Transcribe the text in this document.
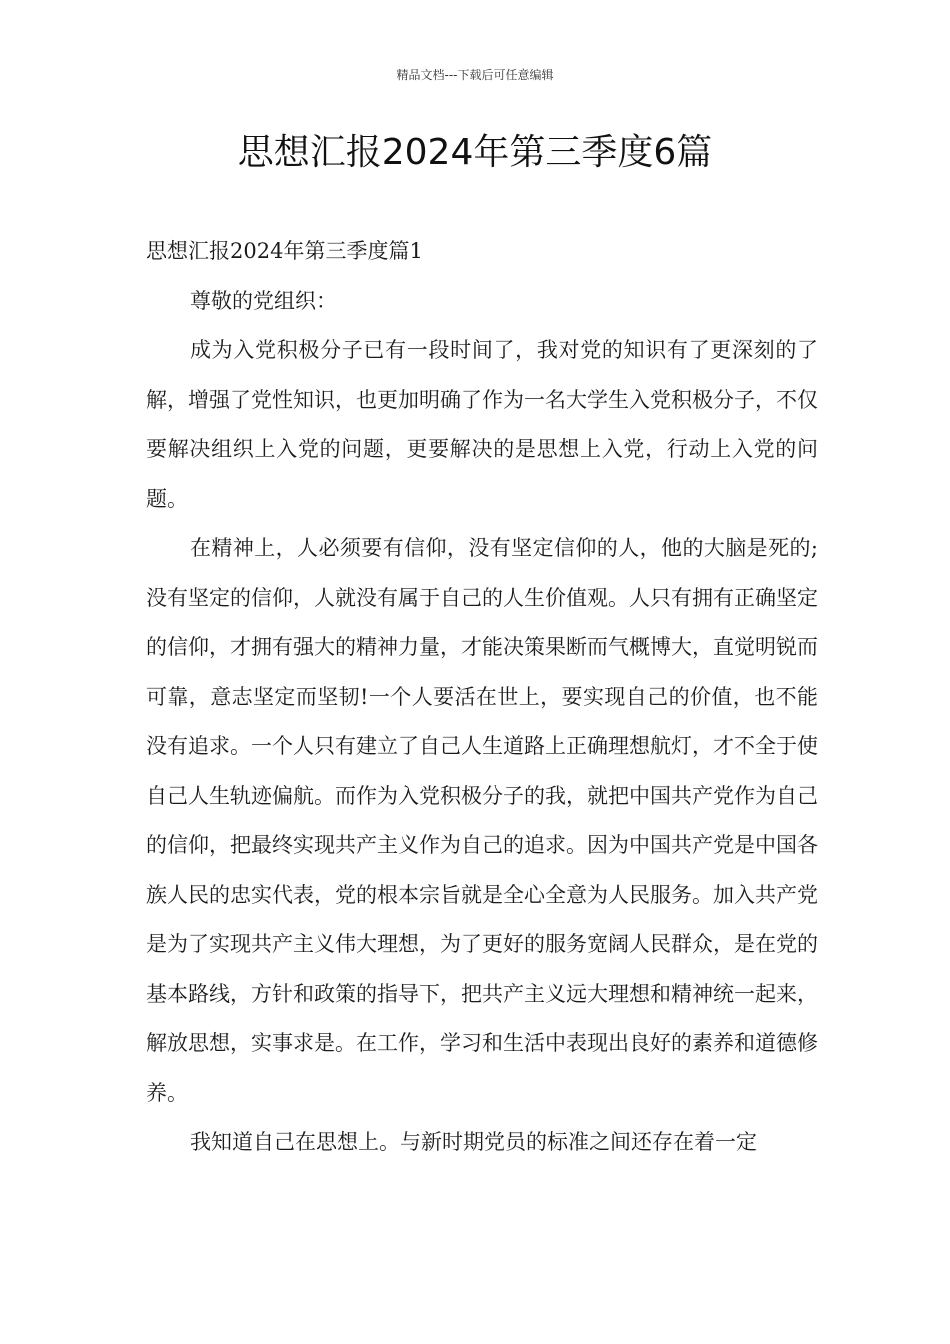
精品文档---下载后可任意编辑
思想汇报2024年第三季度6篇

思想汇报2024年第三季度篇1

尊敬的党组织：

成为入党积极分子已有一段时间了，我对党的知识有了更深刻的了解，增强了党性知识，也更加明确了作为一名大学生入党积极分子，不仅要解决组织上入党的问题，更要解决的是思想上入党，行动上入党的问题。

在精神上，人必须要有信仰，没有坚定信仰的人，他的大脑是死的;没有坚定的信仰，人就没有属于自己的人生价值观。人只有拥有正确坚定的信仰，才拥有强大的精神力量，才能决策果断而气概博大，直觉明锐而可靠，意志坚定而坚韧!一个人要活在世上，要实现自己的价值，也不能没有追求。一个人只有建立了自己人生道路上正确理想航灯，才不全于使自己人生轨迹偏航。而作为入党积极分子的我，就把中国共产党作为自己的信仰，把最终实现共产主义作为自己的追求。因为中国共产党是中国各族人民的忠实代表，党的根本宗旨就是全心全意为人民服务。加入共产党是为了实现共产主义伟大理想，为了更好的服务宽阔人民群众，是在党的基本路线，方针和政策的指导下，把共产主义远大理想和精神统一起来，解放思想，实事求是。在工作，学习和生活中表现出良好的素养和道德修养。

我知道自己在思想上。与新时期党员的标准之间还存在着一定
